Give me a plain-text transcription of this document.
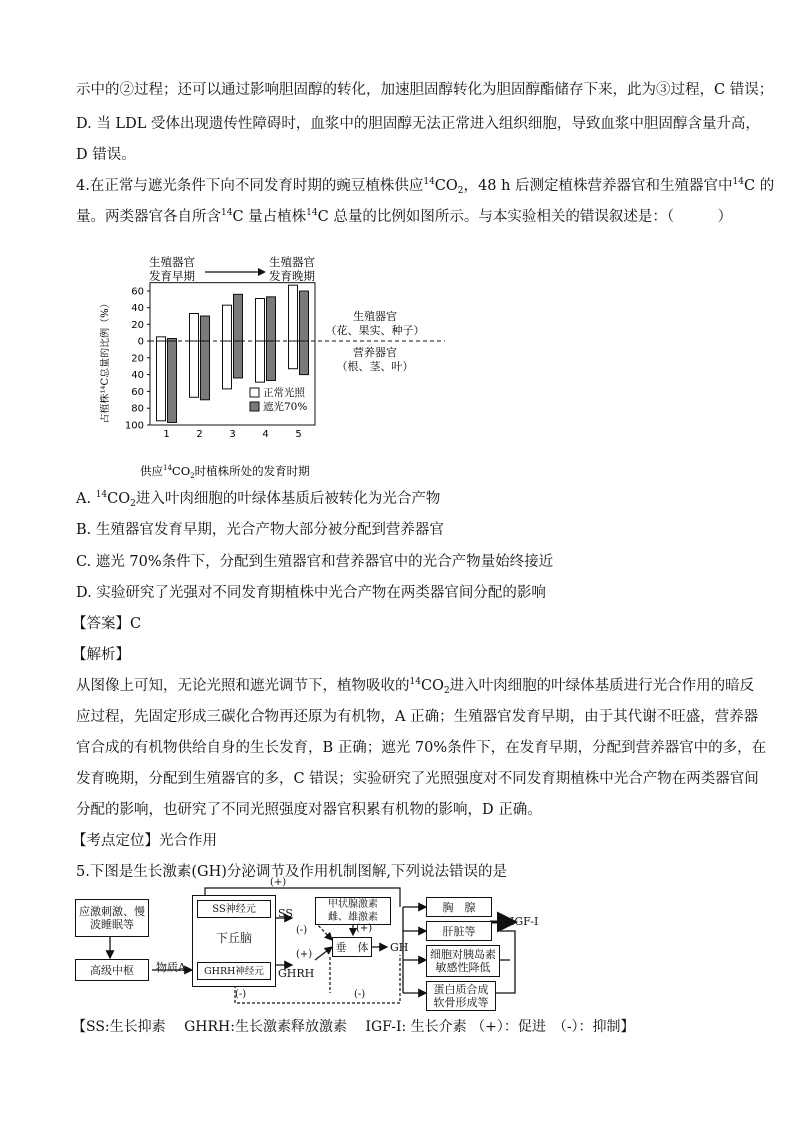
示中的②过程；还可以通过影响胆固醇的转化，加速胆固醇转化为胆固醇酯储存下来，此为③过程，C 错误；
D. 当 LDL 受体出现遗传性障碍时，血浆中的胆固醇无法正常进入组织细胞，导致血浆中胆固醇含量升高，
D 错误。
4.在正常与遮光条件下向不同发育时期的豌豆植株供应$^{14}CO_2$，48 h 后测定植株营养器官和生殖器官中$^{14}$C 的
量。两类器官各自所含$^{14}$C 量占植株$^{14}$C 总量的比例如图所示。与本实验相关的错误叙述是：（　　　）
60
40
20
0
20
40
60
80
100
1	2	3	4	5
占植株¹⁴C总量的比例（%）
供应$^{14}CO_2$时植株所处的发育时期
生殖器官
发育早期
生殖器官
发育晚期
生殖器官
（花、果实、种子）
营养器官
（根、茎、叶）
正常光照
遮光70%
A. $^{14}CO_2$进入叶肉细胞的叶绿体基质后被转化为光合产物
B. 生殖器官发育早期，光合产物大部分被分配到营养器官
C. 遮光 70%条件下，分配到生殖器官和营养器官中的光合产物量始终接近
D. 实验研究了光强对不同发育期植株中光合产物在两类器官间分配的影响
【答案】C
【解析】
从图像上可知，无论光照和遮光调节下，植物吸收的$^{14}CO_2$进入叶肉细胞的叶绿体基质进行光合作用的暗反
应过程，先固定形成三碳化合物再还原为有机物，A 正确；生殖器官发育早期，由于其代谢不旺盛，营养器
官合成的有机物供给自身的生长发育，B 正确；遮光 70%条件下，在发育早期，分配到营养器官中的多，在
发育晚期，分配到生殖器官的多，C 错误；实验研究了光照强度对不同发育期植株中光合产物在两类器官间
分配的影响，也研究了不同光照强度对器官积累有机物的影响，D 正确。
【考点定位】光合作用
5.下图是生长激素(GH)分泌调节及作用机制图解,下列说法错误的是
应激刺激、慢波睡眠等
高级中枢	物质A
SS神经元
下丘脑
GHRH神经元
SS
GHRH
甲状腺激素
雌、雄激素
垂　体	GH
胸　腺
肝脏等
IGF-Ⅰ
细胞对胰岛素
敏感性降低
蛋白质合成
软骨形成等
(+)
(-)
(+)
(+)
(-)	(-)
【SS:生长抑素　 GHRH:生长激素释放激素　 IGF-Ⅰ: 生长介素 （+）：促进　（-）：抑制】
